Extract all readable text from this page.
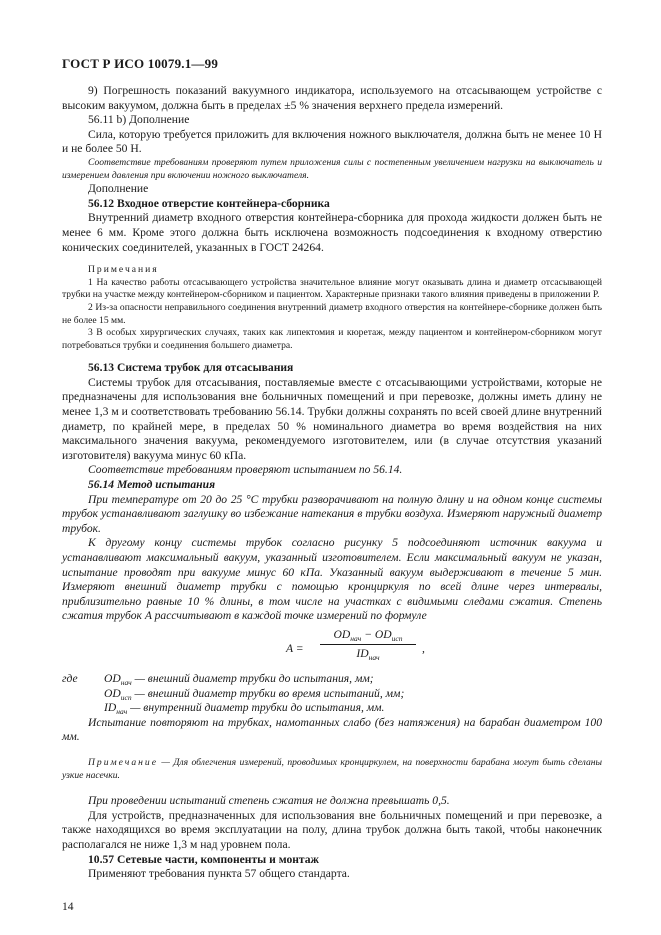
ГОСТ Р ИСО 10079.1—99

9) Погрешность показаний вакуумного индикатора, используемого на отсасывающем устройстве с высоким вакуумом, должна быть в пределах ±5 % значения верхнего предела измерений.

56.11 b) Дополнение

Сила, которую требуется приложить для включения ножного выключателя, должна быть не менее 10 Н и не более 50 Н.

Соответствие требованиям проверяют путем приложения силы с постепенным увеличением нагрузки на выключатель и измерением давления при включении ножного выключателя.

Дополнение

56.12 Входное отверстие контейнера-сборника

Внутренний диаметр входного отверстия контейнера-сборника для прохода жидкости должен быть не менее 6 мм. Кроме этого должна быть исключена возможность подсоединения к входному отверстию конических соединителей, указанных в ГОСТ 24264.

Примечания

1 На качество работы отсасывающего устройства значительное влияние могут оказывать длина и диаметр отсасывающей трубки на участке между контейнером-сборником и пациентом. Характерные признаки такого влияния приведены в приложении Р.

2 Из-за опасности неправильного соединения внутренний диаметр входного отверстия на контейнере-сборнике должен быть не более 15 мм.

3 В особых хирургических случаях, таких как липектомия и кюретаж, между пациентом и контейнером-сборником могут потребоваться трубки и соединения большего диаметра.

56.13 Система трубок для отсасывания

Системы трубок для отсасывания, поставляемые вместе с отсасывающими устройствами, которые не предназначены для использования вне больничных помещений и при перевозке, должны иметь длину не менее 1,3 м и соответствовать требованию 56.14. Трубки должны сохранять по всей своей длине внутренний диаметр, по крайней мере, в пределах 50 % номинального диаметра во время воздействия на них максимального значения вакуума, рекомендуемого изготовителем, или (в случае отсутствия указаний изготовителя) вакуума минус 60 кПа.

Соответствие требованиям проверяют испытанием по 56.14.

56.14 Метод испытания

При температуре от 20 до 25 °С трубки разворачивают на полную длину и на одном конце системы трубок устанавливают заглушку во избежание натекания в трубки воздуха. Измеряют наружный диаметр трубок.

К другому концу системы трубок согласно рисунку 5 подсоединяют источник вакуума и устанавливают максимальный вакуум, указанный изготовителем. Если максимальный вакуум не указан, испытание проводят при вакууме минус 60 кПа. Указанный вакуум выдерживают в течение 5 мин. Измеряют внешний диаметр трубки с помощью кронциркуля по всей длине через интервалы, приблизительно равные 10 % длины, в том числе на участках с видимыми следами сжатия. Степень сжатия трубок A рассчитывают в каждой точке измерений по формуле

A =
$OD_{нач} - OD_{исп}$
$ID_{нач}$
,
где $OD_{нач}$ — внешний диаметр трубки до испытания, мм;
$OD_{исп}$ — внешний диаметр трубки во время испытаний, мм;
$ID_{нач}$ — внутренний диаметр трубки до испытания, мм.

Испытание повторяют на трубках, намотанных слабо (без натяжения) на барабан диаметром 100 мм.

Примечание — Для облегчения измерений, проводимых кронциркулем, на поверхности барабана могут быть сделаны узкие насечки.

При проведении испытаний степень сжатия не должна превышать 0,5.

Для устройств, предназначенных для использования вне больничных помещений и при перевозке, а также находящихся во время эксплуатации на полу, длина трубок должна быть такой, чтобы наконечник располагался не ниже 1,3 м над уровнем пола.

10.57 Сетевые части, компоненты и монтаж

Применяют требования пункта 57 общего стандарта.

14
